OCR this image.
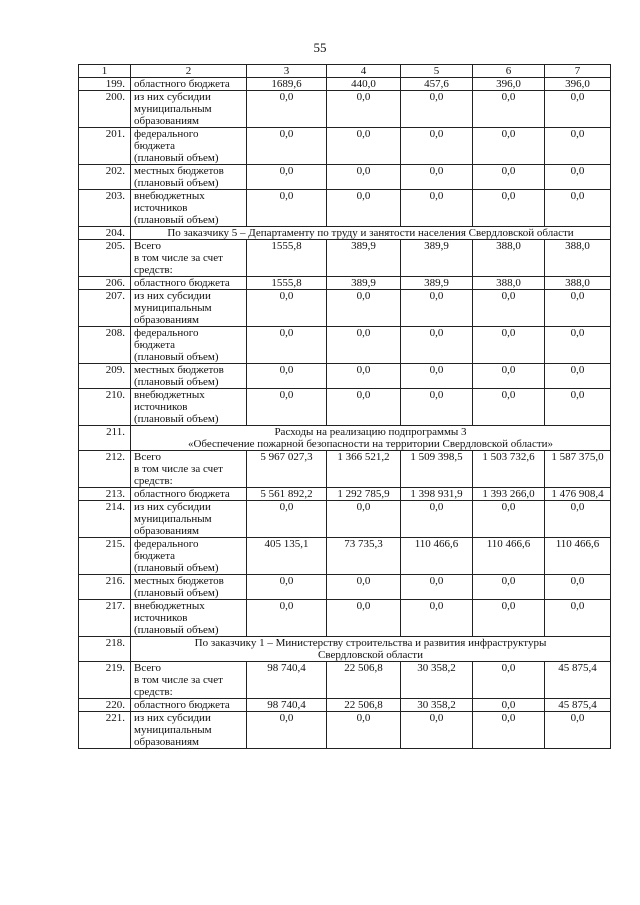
55
1	2	3	4	5	6	7
199.	областного бюджета	1689,6	440,0	457,6	396,0	396,0
200.	из них субсидии
муниципальным
образованиям	0,0	0,0	0,0	0,0	0,0
201.	федерального
бюджета
(плановый объем)	0,0	0,0	0,0	0,0	0,0
202.	местных бюджетов
(плановый объем)	0,0	0,0	0,0	0,0	0,0
203.	внебюджетных
источников
(плановый объем)	0,0	0,0	0,0	0,0	0,0
204.	По заказчику 5 – Департаменту по труду и занятости населения Свердловской области					

205.	Всего
в том числе за счет
средств:	1555,8	389,9	389,9	388,0	388,0
206.	областного бюджета	1555,8	389,9	389,9	388,0	388,0
207.	из них субсидии
муниципальным
образованиям	0,0	0,0	0,0	0,0	0,0
208.	федерального
бюджета
(плановый объем)	0,0	0,0	0,0	0,0	0,0
209.	местных бюджетов
(плановый объем)	0,0	0,0	0,0	0,0	0,0
210.	внебюджетных
источников
(плановый объем)	0,0	0,0	0,0	0,0	0,0
211.	Расходы на реализацию подпрограммы 3
«Обеспечение пожарной безопасности на территории Свердловской области»					

212.	Всего
в том числе за счет
средств:	5 967 027,3	1 366 521,2	1 509 398,5	1 503 732,6	1 587 375,0
213.	областного бюджета	5 561 892,2	1 292 785,9	1 398 931,9	1 393 266,0	1 476 908,4
214.	из них субсидии
муниципальным
образованиям	0,0	0,0	0,0	0,0	0,0
215.	федерального
бюджета
(плановый объем)	405 135,1	73 735,3	110 466,6	110 466,6	110 466,6
216.	местных бюджетов
(плановый объем)	0,0	0,0	0,0	0,0	0,0
217.	внебюджетных
источников
(плановый объем)	0,0	0,0	0,0	0,0	0,0
218.	По заказчику 1 – Министерству строительства и развития инфраструктуры
Свердловской области					

219.	Всего
в том числе за счет
средств:	98 740,4	22 506,8	30 358,2	0,0	45 875,4
220.	областного бюджета	98 740,4	22 506,8	30 358,2	0,0	45 875,4
221.	из них субсидии
муниципальным
образованиям	0,0	0,0	0,0	0,0	0,0
